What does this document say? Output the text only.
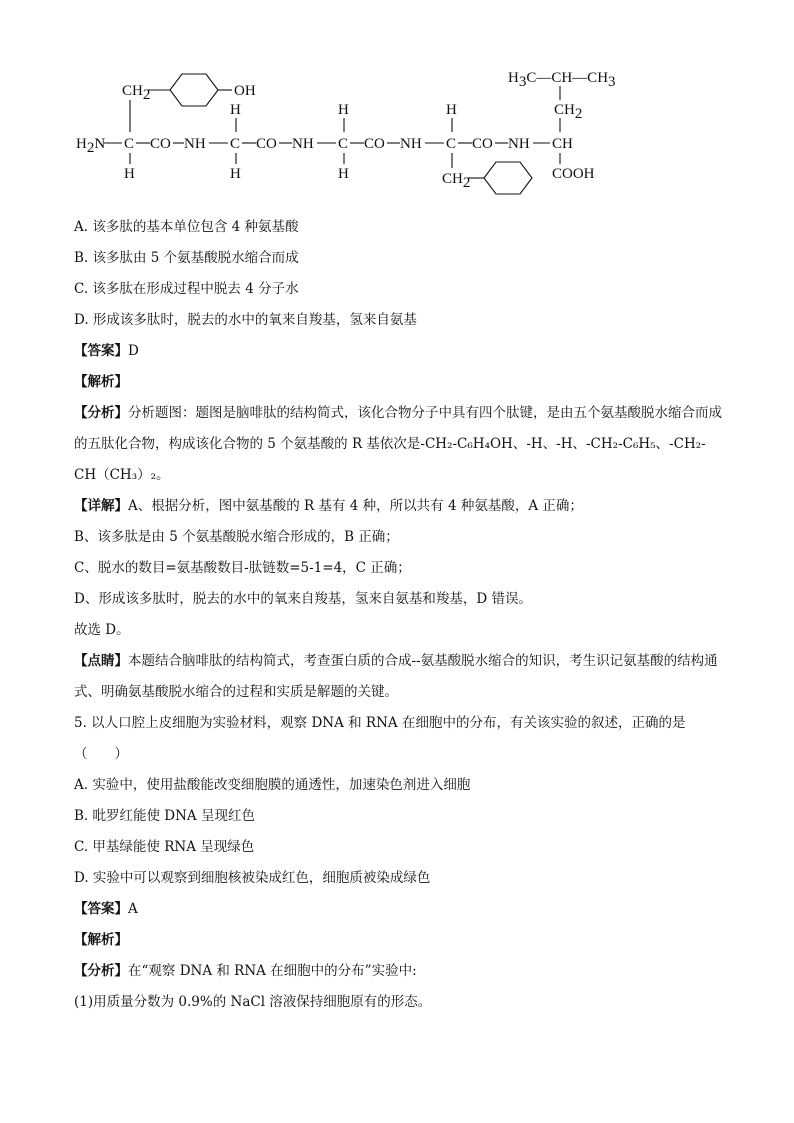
CH2	OH
H2N C CO NH C CO NH C CO NH C CO NH CH
H
H
H
H
H
H
CH2
COOH
CH2
H3C—CH—CH3

A. 该多肽的基本单位包含 4 种氨基酸

B. 该多肽由 5 个氨基酸脱水缩合而成

C. 该多肽在形成过程中脱去 4 分子水

D. 形成该多肽时，脱去的水中的氧来自羧基，氢来自氨基

【答案】D

【解析】

【分析】分析题图：题图是脑啡肽的结构简式，该化合物分子中具有四个肽键，是由五个氨基酸脱水缩合而成的五肽化合物，构成该化合物的 5 个氨基酸的 R 基依次是-CH₂-C₆H₄OH、-H、-H、-CH₂-C₆H₅、-CH₂-CH（CH₃）₂。

【详解】A、根据分析，图中氨基酸的 R 基有 4 种，所以共有 4 种氨基酸，A 正确；

B、该多肽是由 5 个氨基酸脱水缩合形成的，B 正确；

C、脱水的数目=氨基酸数目-肽链数=5-1=4，C 正确；

D、形成该多肽时，脱去的水中的氧来自羧基，氢来自氨基和羧基，D 错误。

故选 D。

【点睛】本题结合脑啡肽的结构简式，考查蛋白质的合成--氨基酸脱水缩合的知识，考生识记氨基酸的结构通式、明确氨基酸脱水缩合的过程和实质是解题的关键。

5. 以人口腔上皮细胞为实验材料，观察 DNA 和 RNA 在细胞中的分布，有关该实验的叙述，正确的是（　　）

A. 实验中，使用盐酸能改变细胞膜的通透性，加速染色剂进入细胞

B. 吡罗红能使 DNA 呈现红色

C. 甲基绿能使 RNA 呈现绿色

D. 实验中可以观察到细胞核被染成红色，细胞质被染成绿色

【答案】A

【解析】

【分析】在“观察 DNA 和 RNA 在细胞中的分布”实验中:

(1)用质量分数为 0.9%的 NaCl 溶液保持细胞原有的形态。
